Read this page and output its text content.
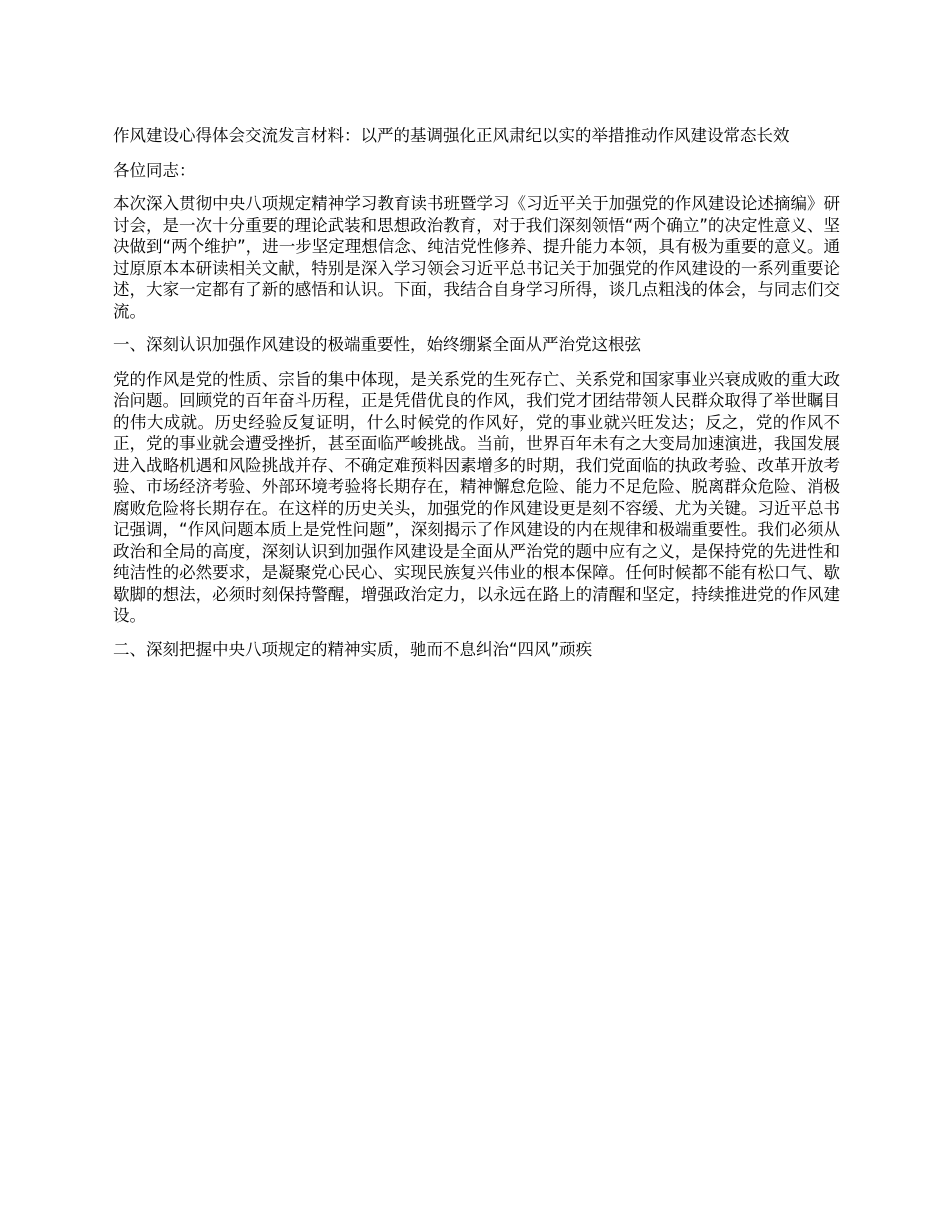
作风建设心得体会交流发言材料：以严的基调强化正风肃纪以实的举措推动作风建设常态长效

各位同志：

本次深入贯彻中央八项规定精神学习教育读书班暨学习《习近平关于加强党的作风建设论述摘编》研讨会，是一次十分重要的理论武装和思想政治教育，对于我们深刻领悟“两个确立”的决定性意义、坚决做到“两个维护”，进一步坚定理想信念、纯洁党性修养、提升能力本领，具有极为重要的意义。通过原原本本研读相关文献，特别是深入学习领会习近平总书记关于加强党的作风建设的一系列重要论述，大家一定都有了新的感悟和认识。下面，我结合自身学习所得，谈几点粗浅的体会，与同志们交流。

一、深刻认识加强作风建设的极端重要性，始终绷紧全面从严治党这根弦

党的作风是党的性质、宗旨的集中体现，是关系党的生死存亡、关系党和国家事业兴衰成败的重大政治问题。回顾党的百年奋斗历程，正是凭借优良的作风，我们党才团结带领人民群众取得了举世瞩目的伟大成就。历史经验反复证明，什么时候党的作风好，党的事业就兴旺发达；反之，党的作风不正，党的事业就会遭受挫折，甚至面临严峻挑战。当前，世界百年未有之大变局加速演进，我国发展进入战略机遇和风险挑战并存、不确定难预料因素增多的时期，我们党面临的执政考验、改革开放考验、市场经济考验、外部环境考验将长期存在，精神懈怠危险、能力不足危险、脱离群众危险、消极腐败危险将长期存在。在这样的历史关头，加强党的作风建设更是刻不容缓、尤为关键。习近平总书记强调，“作风问题本质上是党性问题”，深刻揭示了作风建设的内在规律和极端重要性。我们必须从政治和全局的高度，深刻认识到加强作风建设是全面从严治党的题中应有之义，是保持党的先进性和纯洁性的必然要求，是凝聚党心民心、实现民族复兴伟业的根本保障。任何时候都不能有松口气、歇歇脚的想法，必须时刻保持警醒，增强政治定力，以永远在路上的清醒和坚定，持续推进党的作风建设。

二、深刻把握中央八项规定的精神实质，驰而不息纠治“四风”顽疾
